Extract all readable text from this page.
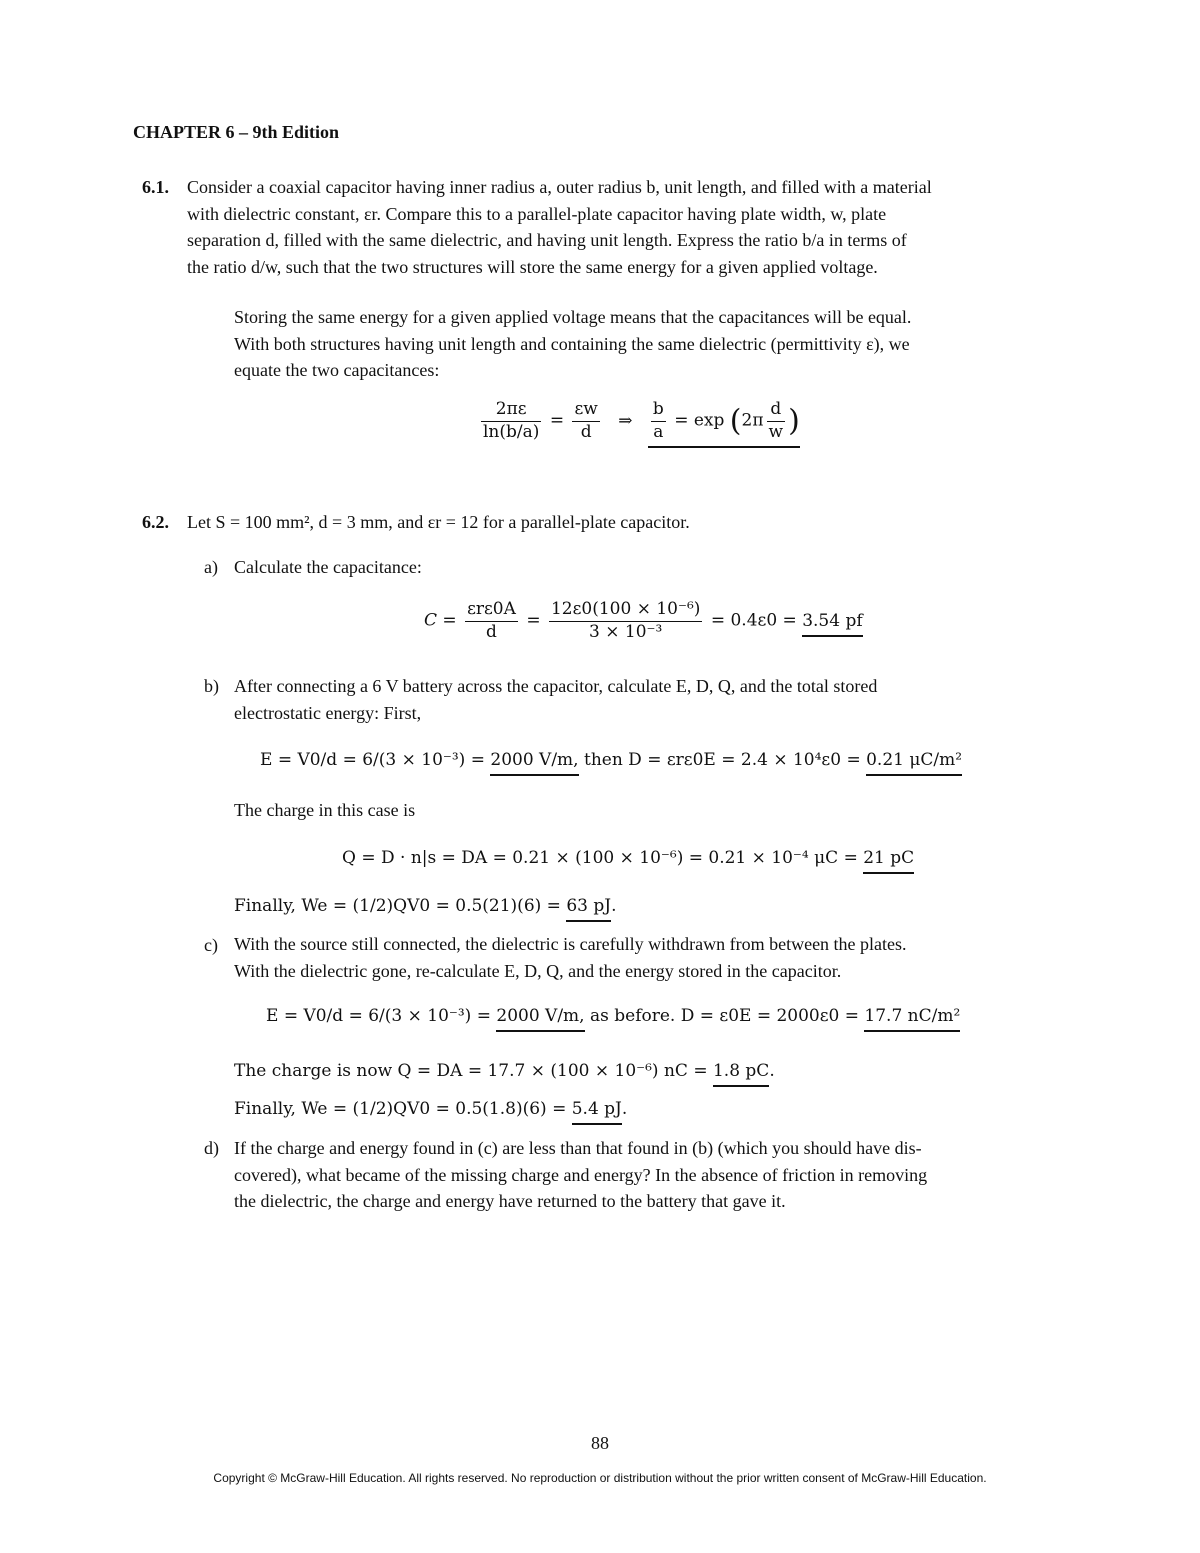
CHAPTER 6 – 9th Edition
6.1. Consider a coaxial capacitor having inner radius a, outer radius b, unit length, and filled with a material
with dielectric constant, εr. Compare this to a parallel-plate capacitor having plate width, w, plate
separation d, filled with the same dielectric, and having unit length. Express the ratio b/a in terms of
the ratio d/w, such that the two structures will store the same energy for a given applied voltage.
Storing the same energy for a given applied voltage means that the capacitances will be equal.
With both structures having unit length and containing the same dielectric (permittivity ε), we
equate the two capacitances:
$\frac{2\pi\varepsilon}{\ln(b/a)} = \frac{\varepsilon w}{d}$ ⇒ $\frac{b}{a} = \exp (2\pi \frac{d}{w}$ )
6.2. Let S = 100 mm², d = 3 mm, and εr = 12 for a parallel-plate capacitor.
a) Calculate the capacitance:
$C = \frac{\text{εrε0A}}{d} = \frac{\text{12ε0(100 × 10⁻⁶)}}{\text{3 × 10⁻³}} = 0.4\varepsilon 0 = 3.54$ pf
b) After connecting a 6 V battery across the capacitor, calculate E, D, Q, and the total stored
electrostatic energy: First,
E = V0/d = 6/(3 × 10⁻³) = 2000 V/m, then D = εrε0E = 2.4 × 10⁴ε0 = 0.21 μC/m²
The charge in this case is
Q = D · n|s = DA = 0.21 × (100 × 10⁻⁶) = 0.21 × 10⁻⁴ μC = 21 pC
Finally, We = (1/2)QV0 = 0.5(21)(6) = 63 pJ.
c) With the source still connected, the dielectric is carefully withdrawn from between the plates.
With the dielectric gone, re-calculate E, D, Q, and the energy stored in the capacitor.
E = V0/d = 6/(3 × 10⁻³) = 2000 V/m, as before. D = ε0E = 2000ε0 = 17.7 nC/m²
The charge is now Q = DA = 17.7 × (100 × 10⁻⁶) nC = 1.8 pC.
Finally, We = (1/2)QV0 = 0.5(1.8)(6) = 5.4 pJ.
d) If the charge and energy found in (c) are less than that found in (b) (which you should have dis-
covered), what became of the missing charge and energy? In the absence of friction in removing
the dielectric, the charge and energy have returned to the battery that gave it.
88
Copyright © McGraw-Hill Education. All rights reserved. No reproduction or distribution without the prior written consent of McGraw-Hill Education.
